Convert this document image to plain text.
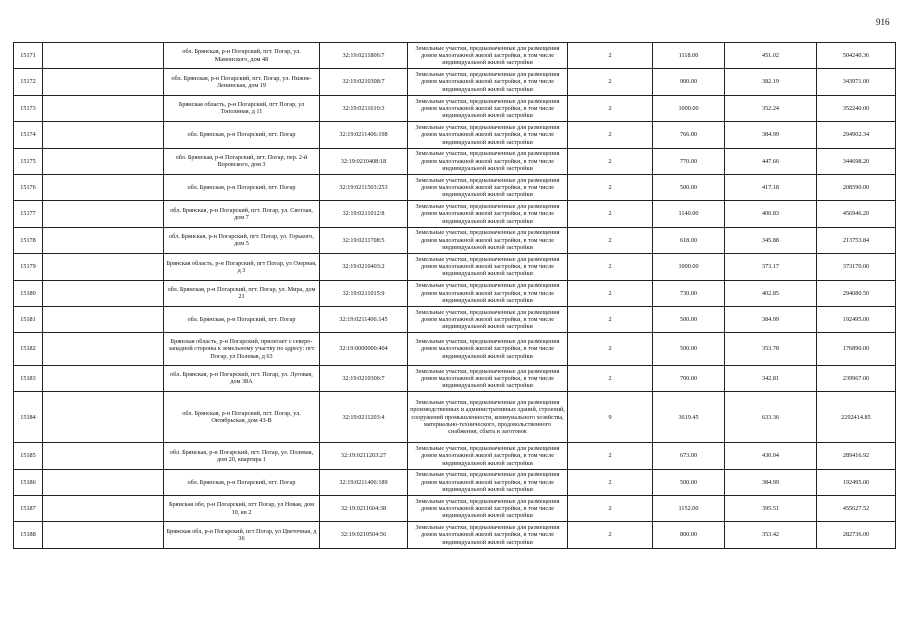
916
15171		обл. Брянская, р-н Погарский, пгт. Погар, ул. Мамонского, дом 48	32:19:0211806:7	Земельные участки, предназначенные для размещения домов малоэтажной жилой застройки, в том числе индивидуальной жилой застройки	2	1118.00	451.02	504240.36
15172		обл. Брянская, р-н Погарский, пгт. Погар, ул. Нижне-Ленинская, дом 19	32:19:0210308:7	Земельные участки, предназначенные для размещения домов малоэтажной жилой застройки, в том числе индивидуальной жилой застройки	2	900.00	382.19	343971.00
15173		Брянская область, р-н Погарский, пгт Погар, ул Тополиная, д 11	32:19:0211610:3	Земельные участки, предназначенные для размещения домов малоэтажной жилой застройки, в том числе индивидуальной жилой застройки	2	1000.00	352.24	352240.00
15174		обл. Брянская, р-н Погарский, пгт. Погар	32:19:0211406:198	Земельные участки, предназначенные для размещения домов малоэтажной жилой застройки, в том числе индивидуальной жилой застройки	2	766.00	384.99	294902.34
15175		обл. Брянская, р-н Погарский, пгт. Погар, пер. 2-й Воровского, дом 3	32:19:0210408:18	Земельные участки, предназначенные для размещения домов малоэтажной жилой застройки, в том числе индивидуальной жилой застройки	2	770.00	447.66	344698.20
15176		обл. Брянская, р-н Погарский, пгт. Погар	32:19:0211503:253	Земельные участки, предназначенные для размещения домов малоэтажной жилой застройки, в том числе индивидуальной жилой застройки	2	500.00	417.18	208590.00
15177		обл. Брянская, р-н Погарский, пгт. Погар, ул. Светлая, дом 7	32:19:0211012:8	Земельные участки, предназначенные для размещения домов малоэтажной жилой застройки, в том числе индивидуальной жилой застройки	2	1140.00	400.83	456946.20
15178		обл. Брянская, р-н Погарский, пгт. Погар, ул. Горького, дом 5	32:19:0211708:5	Земельные участки, предназначенные для размещения домов малоэтажной жилой застройки, в том числе индивидуальной жилой застройки	2	618.00	345.88	213753.84
15179		Брянская область, р-н Погарский, пгт Погар, ул Озерная, д 3	32:19:0210403:2	Земельные участки, предназначенные для размещения домов малоэтажной жилой застройки, в том числе индивидуальной жилой застройки	2	1000.00	373.17	373170.00
15180		обл. Брянская, р-н Погарский, пгт. Погар, ул. Мира, дом 21	32:19:0211015:9	Земельные участки, предназначенные для размещения домов малоэтажной жилой застройки, в том числе индивидуальной жилой застройки	2	730.00	402.85	294080.50
15181		обл. Брянская, р-н Погарский, пгт. Погар	32:19:0211406:145	Земельные участки, предназначенные для размещения домов малоэтажной жилой застройки, в том числе индивидуальной жилой застройки	2	500.00	384.99	192495.00
15182		Брянская область, р-н Погарский, прилегает с северо-западной стороны к земельному участку по адресу: пгт Погар, ул Полевая, д 63	32:19:0000000:404	Земельные участки, предназначенные для размещения домов малоэтажной жилой застройки, в том числе индивидуальной жилой застройки	2	500.00	353.78	176890.00
15183		обл. Брянская, р-н Погарский, пгт. Погар, ул. Луговая, дом 38А	32:19:0210306:7	Земельные участки, предназначенные для размещения домов малоэтажной жилой застройки, в том числе индивидуальной жилой застройки	2	700.00	342.81	239967.00
15184		обл. Брянская, р-н Погарский, пгт. Погар, ул. Октябрьская, дом 43-В	32:19:0211203:4	Земельные участки, предназначенные для размещения производственных и административных зданий, строений, сооружений промышленности, коммунального хозяйства, материально-технического, продовольственного снабжения, сбыта и заготовок	9	3619.45	633.36	2292414.85
15185		обл. Брянская, р-н Погарский, пгт. Погар, ул. Полевая, дом 20, квартира 1	32:19:0211203:27	Земельные участки, предназначенные для размещения домов малоэтажной жилой застройки, в том числе индивидуальной жилой застройки	2	673.00	430.04	289416.92
15186		обл. Брянская, р-н Погарский, пгт. Погар	32:19:0211406:189	Земельные участки, предназначенные для размещения домов малоэтажной жилой застройки, в том числе индивидуальной жилой застройки	2	500.00	384.99	192495.00
15187		Брянская обл, р-н Погарский, пгт Погар, ул Новая, дом 10, кв 2	32:19:0211604:38	Земельные участки, предназначенные для размещения домов малоэтажной жилой застройки, в том числе индивидуальной жилой застройки	2	1152.00	395.51	455627.52
15188		Брянская обл, р-н Погарский, пгт Погар, ул Цветочная, д 36	32:19:0210504:56	Земельные участки, предназначенные для размещения домов малоэтажной жилой застройки, в том числе индивидуальной жилой застройки	2	800.00	353.42	282736.00
